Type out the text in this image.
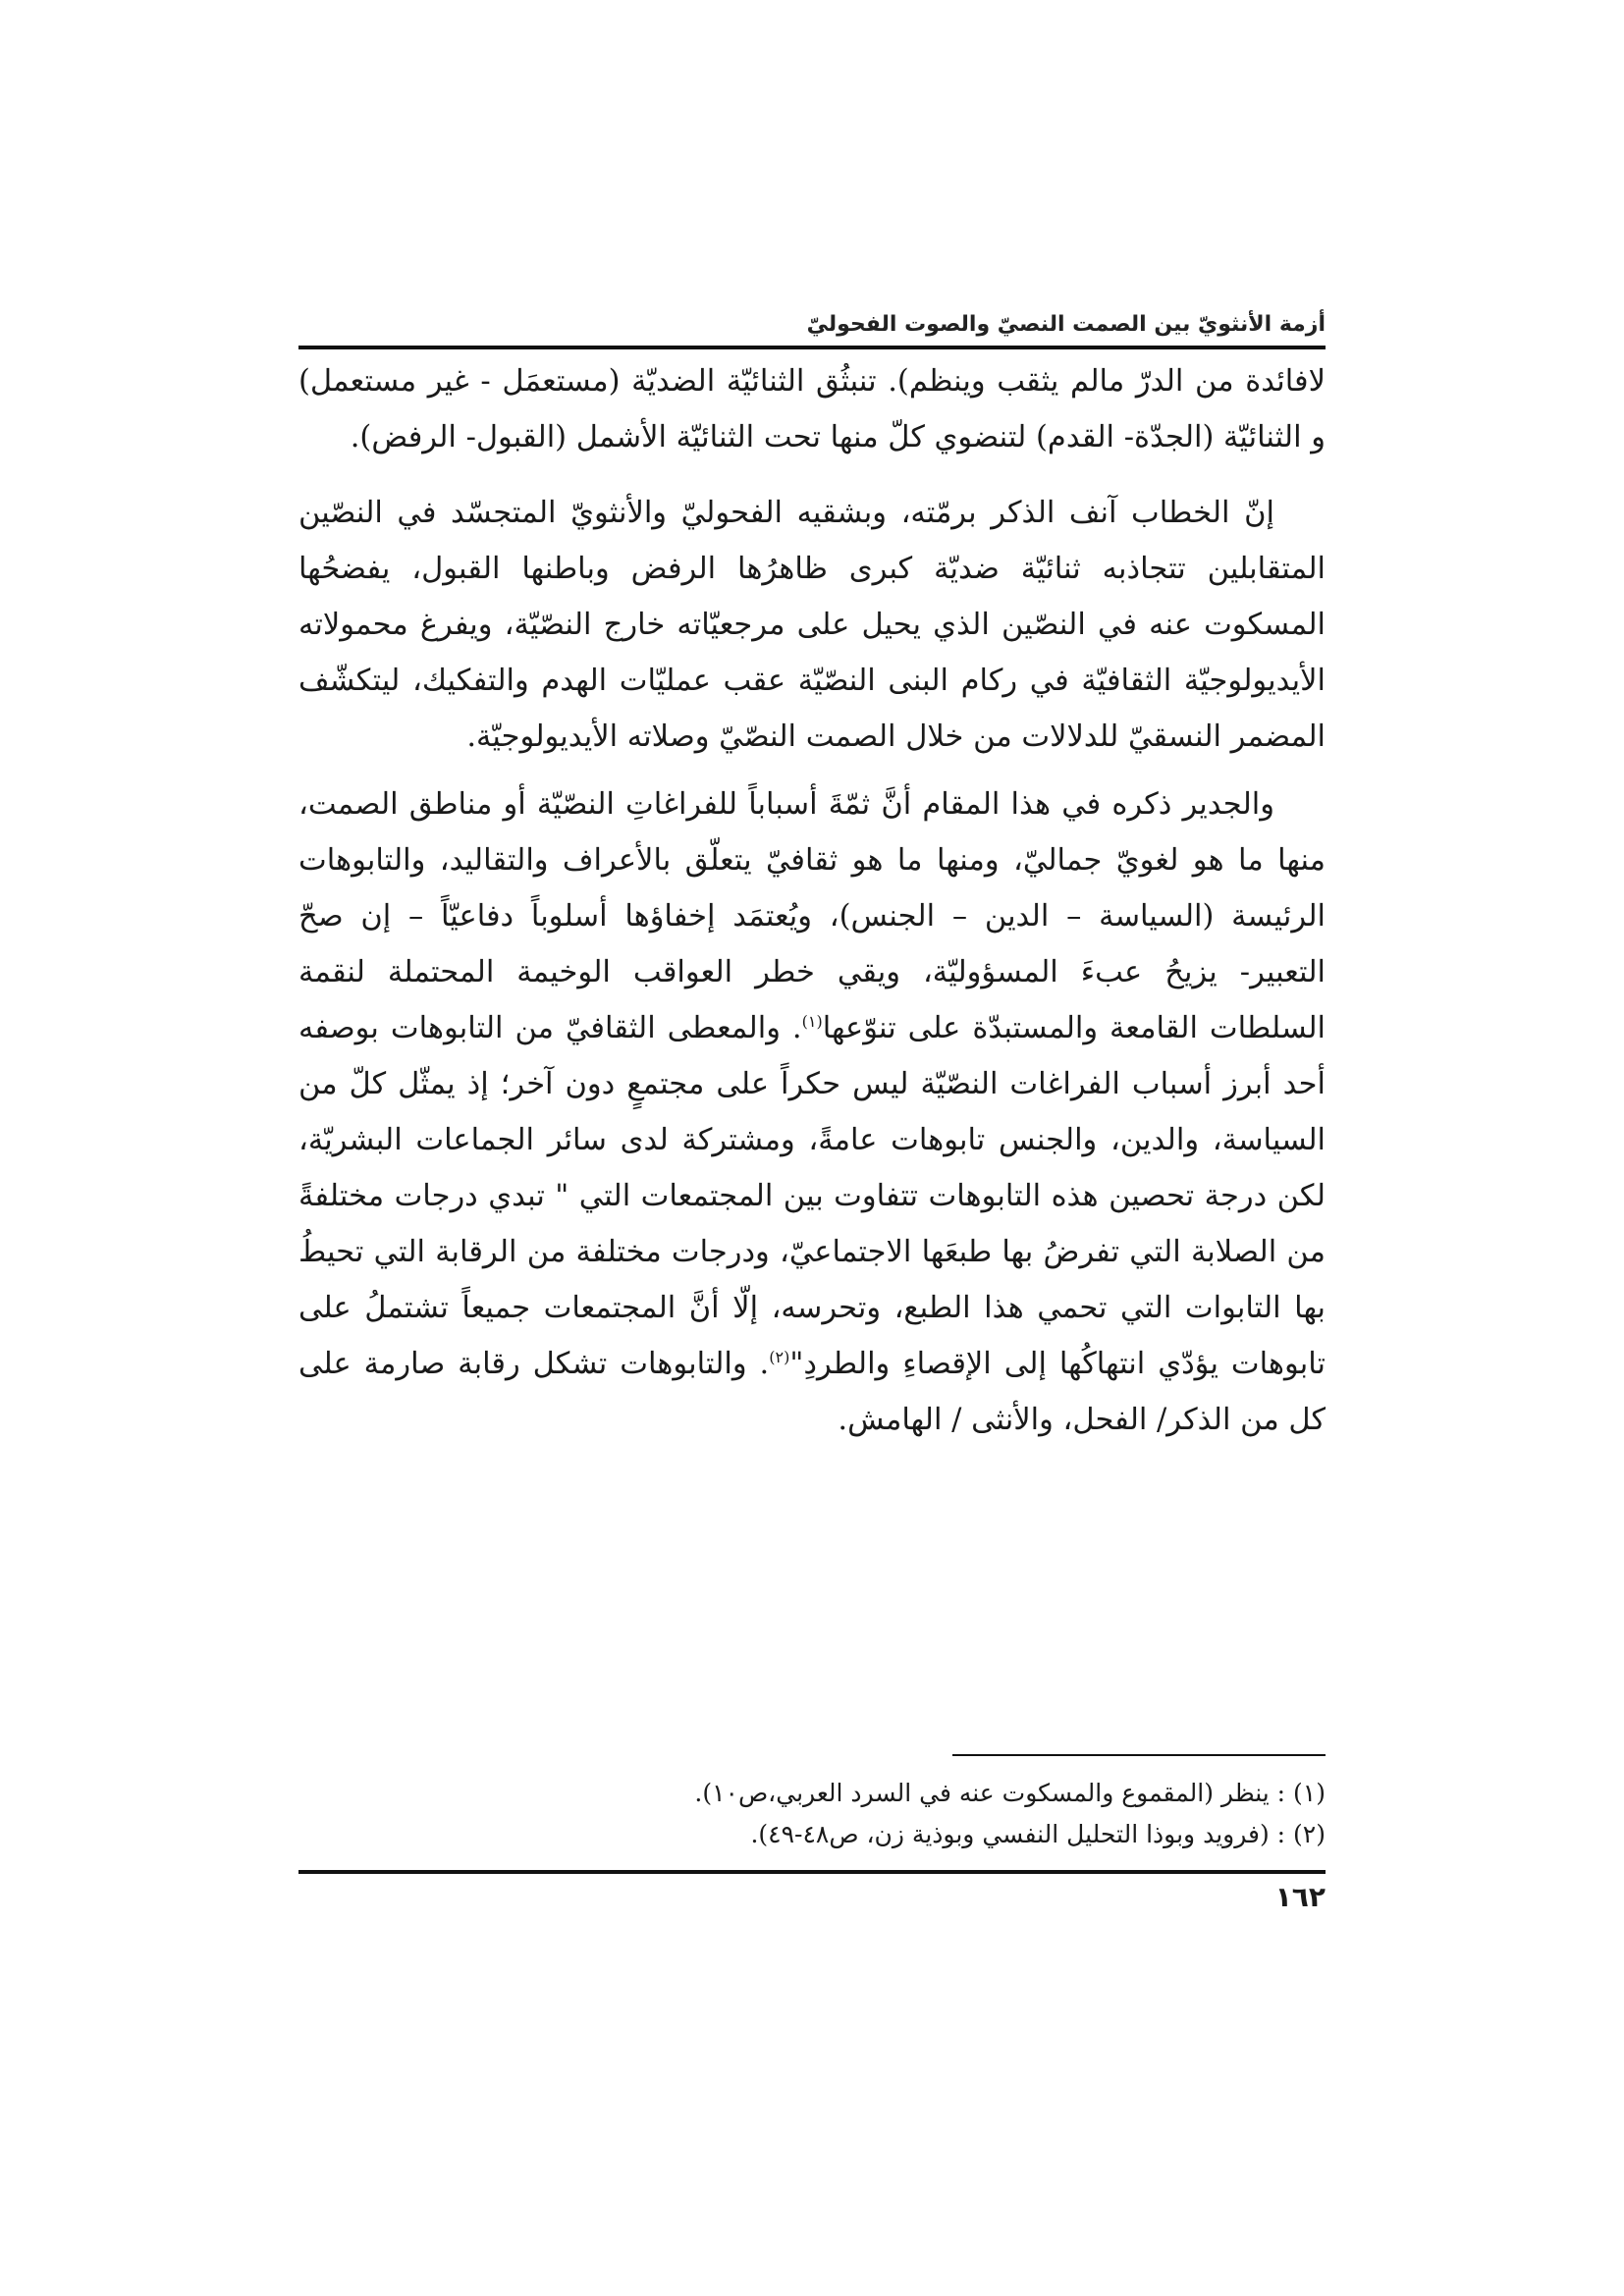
أزمة الأنثويّ بين الصمت النصيّ والصوت الفحوليّ

لافائدة من الدرّ مالم يثقب وينظم). تنبثُق الثنائيّة الضديّة (مستعمَل - غير مستعمل) و الثنائيّة (الجدّة- القدم) لتنضوي كلّ منها تحت الثنائيّة الأشمل (القبول- الرفض).

إنّ الخطاب آنف الذكر برمّته، وبشقيه الفحوليّ والأنثويّ المتجسّد في النصّين المتقابلين تتجاذبه ثنائيّة ضديّة كبرى ظاهرُها الرفض وباطنها القبول، يفضحُها المسكوت عنه في النصّين الذي يحيل على مرجعيّاته خارج النصّيّة، ويفرغ محمولاته الأيديولوجيّة الثقافيّة في ركام البنى النصّيّة عقب عمليّات الهدم والتفكيك، ليتكشّف المضمر النسقيّ للدلالات من خلال الصمت النصّيّ وصلاته الأيديولوجيّة.

والجدير ذكره في هذا المقام أنَّ ثمّةَ أسباباً للفراغاتِ النصّيّة أو مناطق الصمت، منها ما هو لغويّ جماليّ، ومنها ما هو ثقافيّ يتعلّق بالأعراف والتقاليد، والتابوهات الرئيسة (السياسة – الدين – الجنس)، ويُعتمَد إخفاؤها أسلوباً دفاعيّاً – إن صحّ التعبير- يزيحُ عبءَ المسؤوليّة، ويقي خطر العواقب الوخيمة المحتملة لنقمة السلطات القامعة والمستبدّة على تنوّعها$^{(١)}$. والمعطى الثقافيّ من التابوهات بوصفه أحد أبرز أسباب الفراغات النصّيّة ليس حكراً على مجتمعٍ دون آخر؛ إذ يمثّل كلّ من السياسة، والدين، والجنس تابوهات عامةً، ومشتركة لدى سائر الجماعات البشريّة، لكن درجة تحصين هذه التابوهات تتفاوت بين المجتمعات التي " تبدي درجات مختلفةً من الصلابة التي تفرضُ بها طبعَها الاجتماعيّ، ودرجات مختلفة من الرقابة التي تحيطُ بها التابوات التي تحمي هذا الطبع، وتحرسه، إلّا أنَّ المجتمعات جميعاً تشتملُ على تابوهات يؤدّي انتهاكُها إلى الإقصاءِ والطردِ"$^{(٢)}$. والتابوهات تشكل رقابة صارمة على كل من الذكر/ الفحل، والأنثى / الهامش.

(١) : ينظر (المقموع والمسكوت عنه في السرد العربي،ص١٠).
(٢) : (فرويد وبوذا التحليل النفسي وبوذية زن، ص٤٨-٤٩).
١٦٢
